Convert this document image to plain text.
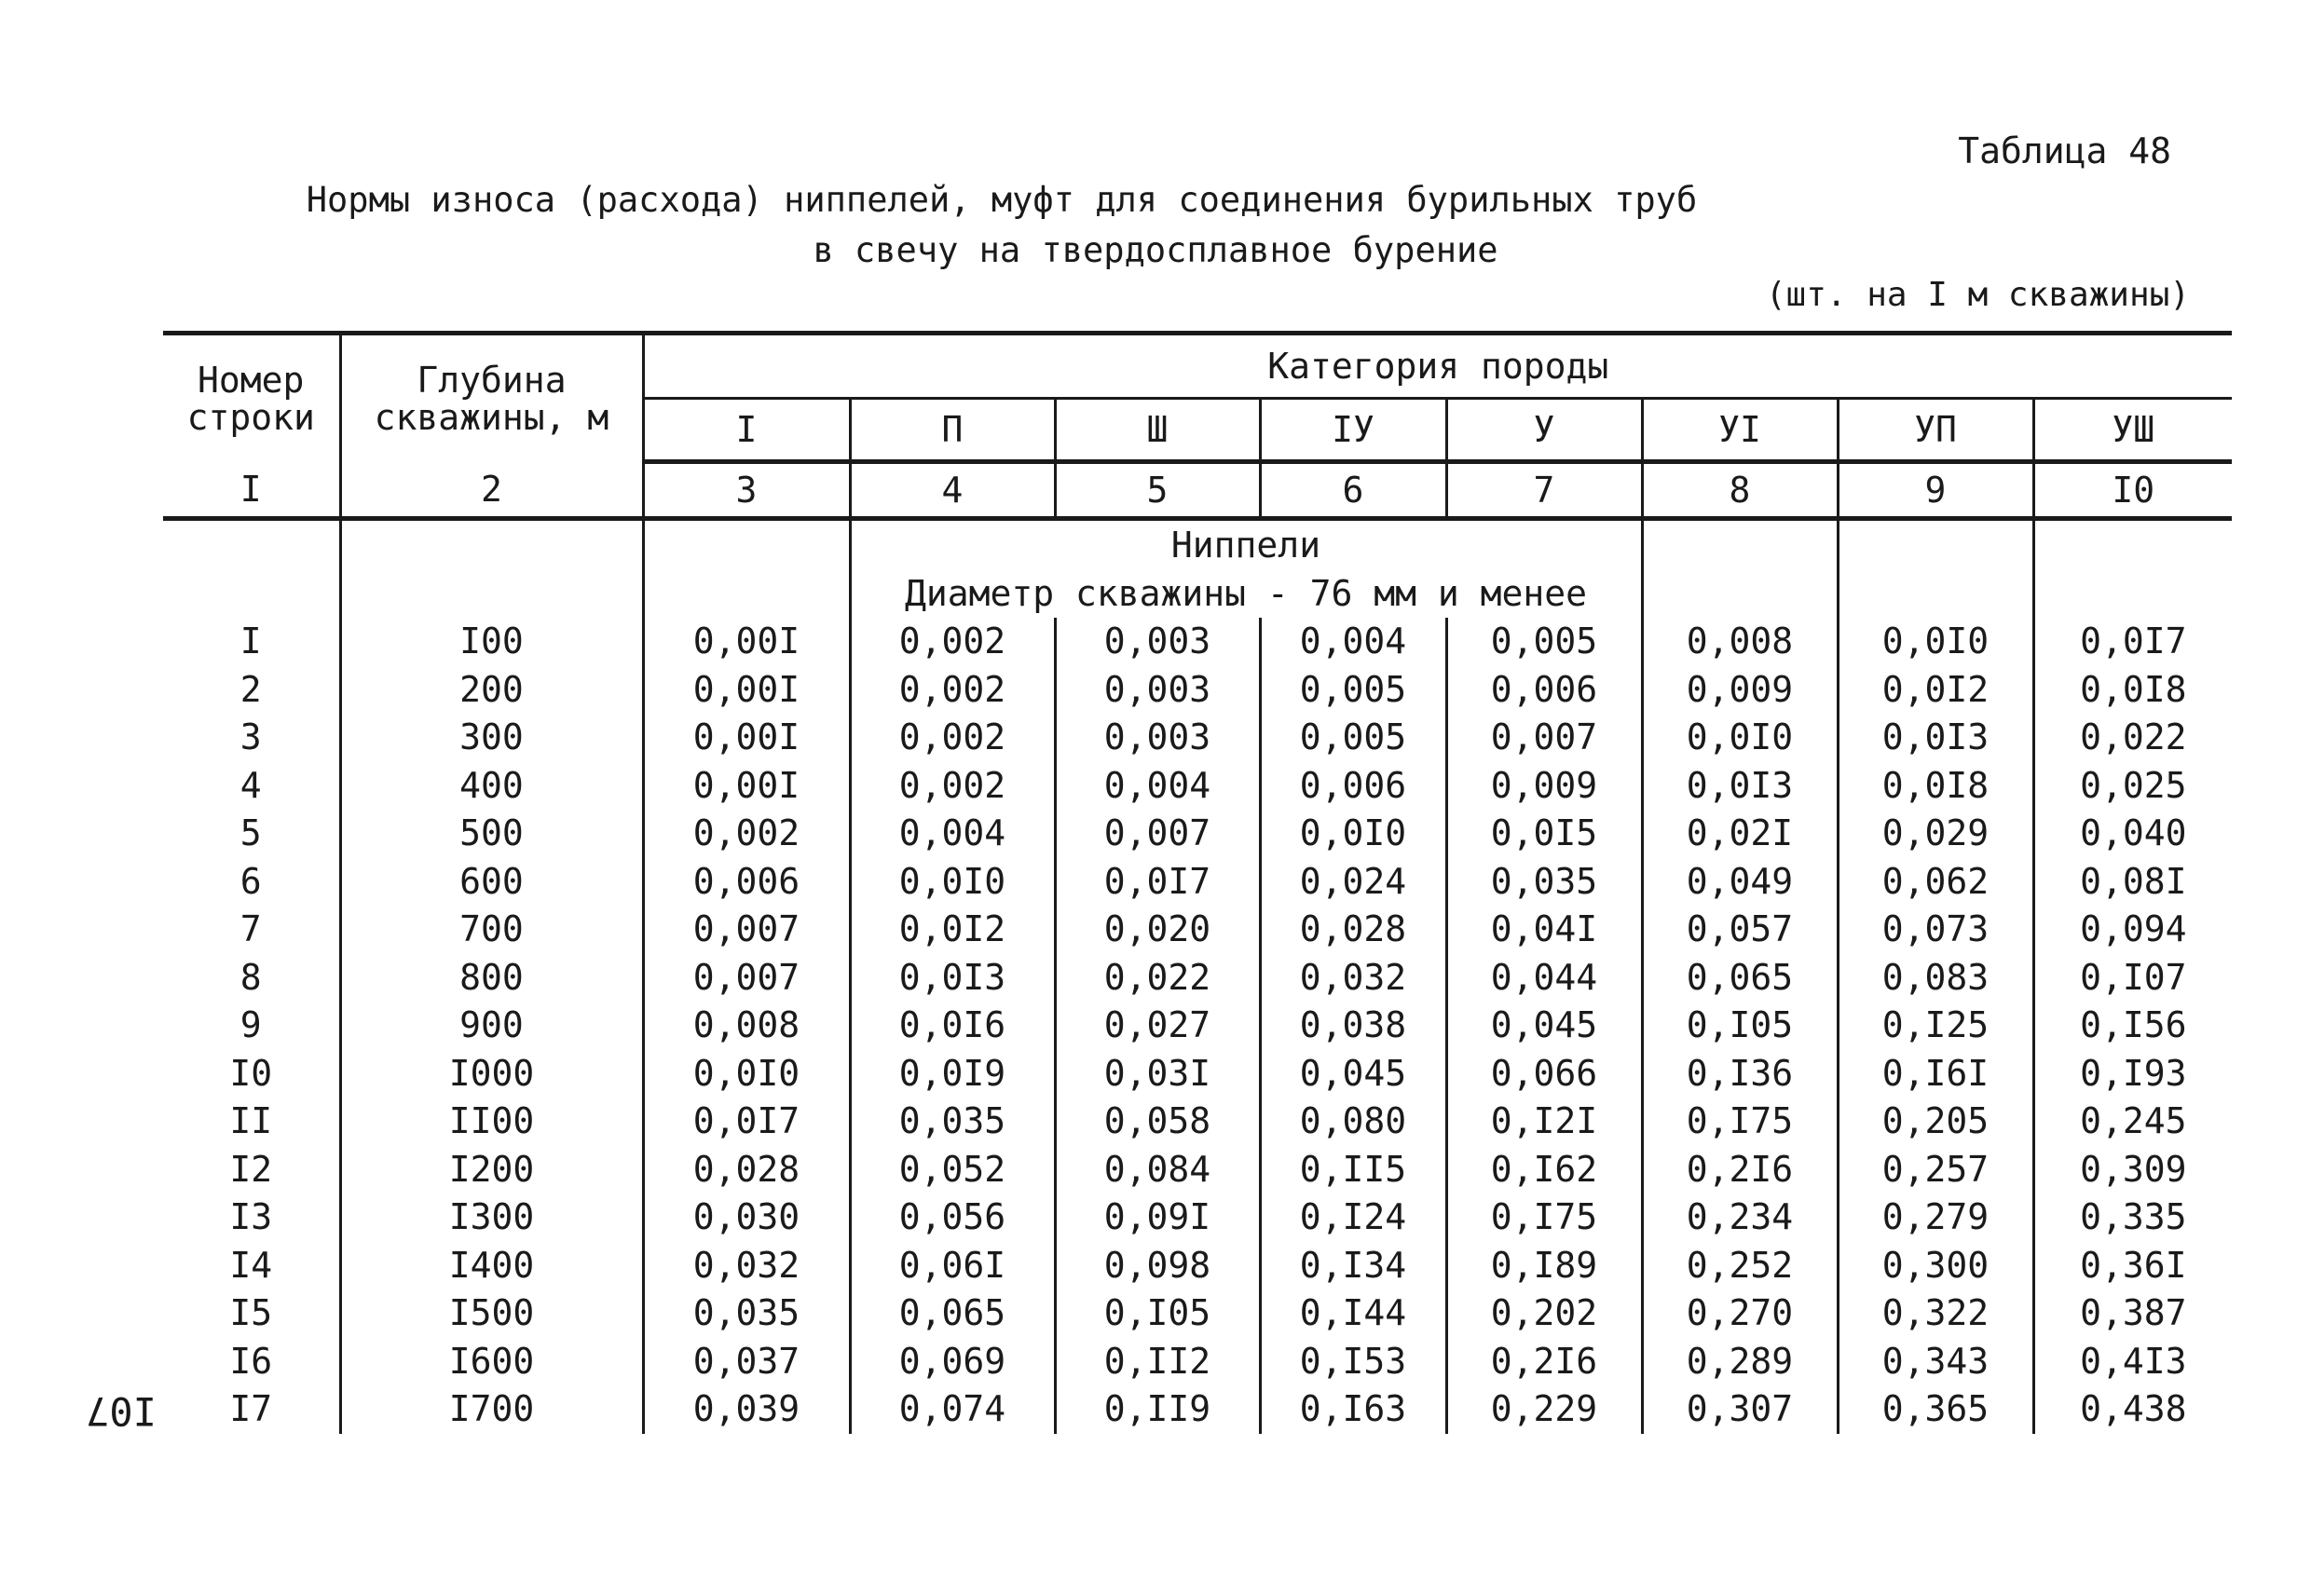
Таблица 48
Нормы износа (расхода) ниппелей, муфт для соединения бурильных труб
в свечу на твердосплавное бурение
(шт. на I м скважины)
Номер строки	Глубина скважины, м	Категория породы							
		I	П	Ш	IУ	У	УI	УП	УШ
I	2	3	4	5	6	7	8	9	I0
			Ниппели						
			Диаметр скважины - 76 мм и менее						
I	I00	0,00I	0,002	0,003	0,004	0,005	0,008	0,0I0	0,0I7
2	200	0,00I	0,002	0,003	0,005	0,006	0,009	0,0I2	0,0I8
3	300	0,00I	0,002	0,003	0,005	0,007	0,0I0	0,0I3	0,022
4	400	0,00I	0,002	0,004	0,006	0,009	0,0I3	0,0I8	0,025
5	500	0,002	0,004	0,007	0,0I0	0,0I5	0,02I	0,029	0,040
6	600	0,006	0,0I0	0,0I7	0,024	0,035	0,049	0,062	0,08I
7	700	0,007	0,0I2	0,020	0,028	0,04I	0,057	0,073	0,094
8	800	0,007	0,0I3	0,022	0,032	0,044	0,065	0,083	0,I07
9	900	0,008	0,0I6	0,027	0,038	0,045	0,I05	0,I25	0,I56
I0	I000	0,0I0	0,0I9	0,03I	0,045	0,066	0,I36	0,I6I	0,I93
II	II00	0,0I7	0,035	0,058	0,080	0,I2I	0,I75	0,205	0,245
I2	I200	0,028	0,052	0,084	0,II5	0,I62	0,2I6	0,257	0,309
I3	I300	0,030	0,056	0,09I	0,I24	0,I75	0,234	0,279	0,335
I4	I400	0,032	0,06I	0,098	0,I34	0,I89	0,252	0,300	0,36I
I5	I500	0,035	0,065	0,I05	0,I44	0,202	0,270	0,322	0,387
I6	I600	0,037	0,069	0,II2	0,I53	0,2I6	0,289	0,343	0,4I3
I7	I700	0,039	0,074	0,II9	0,I63	0,229	0,307	0,365	0,438
I07
